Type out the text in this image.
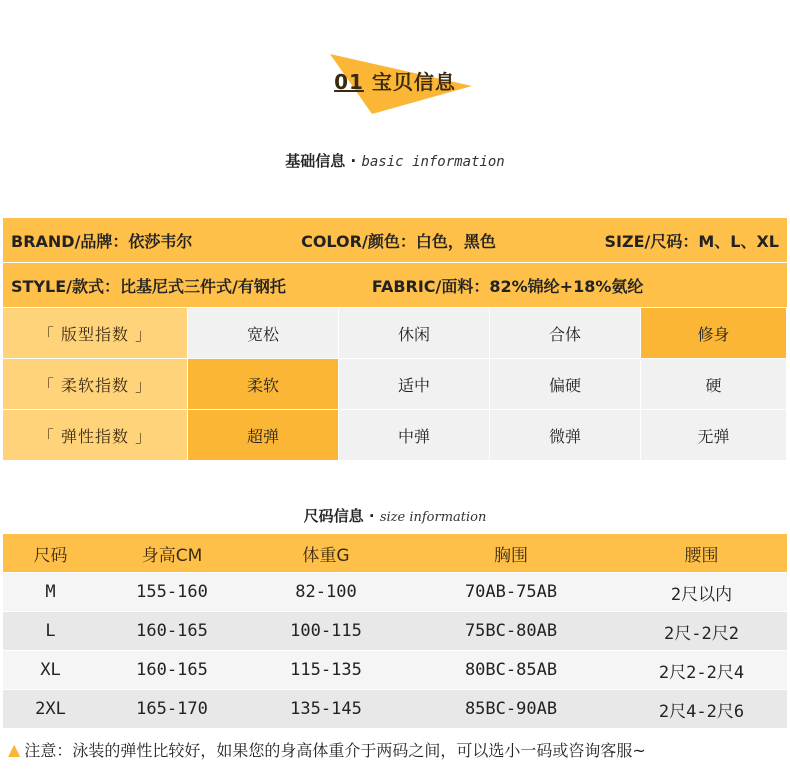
01 宝贝信息
基础信息 · basic information
BRAND/品牌：依莎韦尔	COLOR/颜色：白色，黑色	SIZE/尺码：M、L、XL
STYLE/款式：比基尼式三件式/有钢托	FABRIC/面料：82%锦纶+18%氨纶
「 版型指数 」	宽松	休闲	合体	修身
「 柔软指数 」	柔软	适中	偏硬	硬
「 弹性指数 」	超弹	中弹	微弹	无弹
尺码信息 · size information
尺码	身高CM	体重G	胸围	腰围
M	155-160	82-100	70AB-75AB	2尺以内
L	160-165	100-115	75BC-80AB	2尺-2尺2
XL	160-165	115-135	80BC-85AB	2尺2-2尺4
2XL	165-170	135-145	85BC-90AB	2尺4-2尺6
▲ 注意：泳装的弹性比较好，如果您的身高体重介于两码之间，可以选小一码或咨询客服~
